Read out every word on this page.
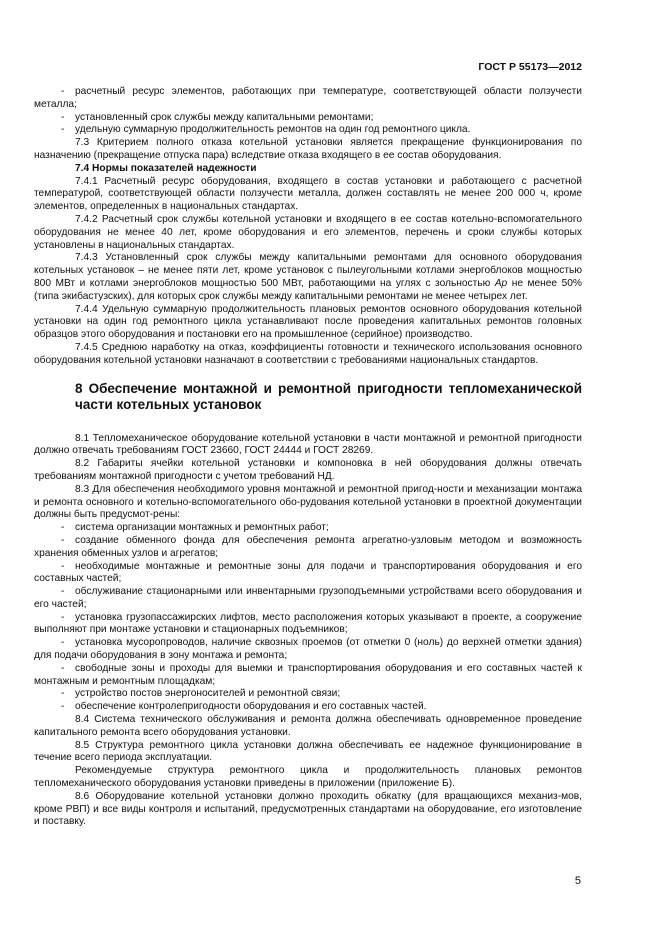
ГОСТ Р 55173—2012

- расчетный ресурс элементов, работающих при температуре, соответствующей области ползучести металла;

- установленный срок службы между капитальными ремонтами;

- удельную суммарную продолжительность ремонтов на один год ремонтного цикла.

7.3 Критерием полного отказа котельной установки является прекращение функционирования по назначению (прекращение отпуска пара) вследствие отказа входящего в ее состав оборудования.

7.4 Нормы показателей надежности

7.4.1 Расчетный ресурс оборудования, входящего в состав установки и работающего с расчетной температурой, соответствующей области ползучести металла, должен составлять не менее 200 000 ч, кроме элементов, определенных в национальных стандартах.

7.4.2 Расчетный срок службы котельной установки и входящего в ее состав котельно-вспомогательного оборудования не менее 40 лет, кроме оборудования и его элементов, перечень и сроки службы которых установлены в национальных стандартах.

7.4.3 Установленный срок службы между капитальными ремонтами для основного оборудования котельных установок – не менее пяти лет, кроме установок с пылеугольными котлами энергоблоков мощностью 800 МВт и котлами энергоблоков мощностью 500 МВт, работающими на углях с зольностью Ар не менее 50% (типа экибастузских), для которых срок службы между капитальными ремонтами не менее четырех лет.

7.4.4 Удельную суммарную продолжительность плановых ремонтов основного оборудования котельной установки на один год ремонтного цикла устанавливают после проведения капитальных ремонтов головных образцов этого оборудования и постановки его на промышленное (серийное) производство.

7.4.5 Среднюю наработку на отказ, коэффициенты готовности и технического использования основного оборудования котельной установки назначают в соответствии с требованиями национальных стандартов.

8 Обеспечение монтажной и ремонтной пригодности тепломеханической части котельных установок

8.1 Тепломеханическое оборудование котельной установки в части монтажной и ремонтной пригодности должно отвечать требованиям ГОСТ 23660, ГОСТ 24444 и ГОСТ 28269.

8.2 Габариты ячейки котельной установки и компоновка в ней оборудования должны отвечать требованиям монтажной пригодности с учетом требований НД.

8.3 Для обеспечения необходимого уровня монтажной и ремонтной пригод-ности и механизации монтажа и ремонта основного и котельно-вспомогательного обо-рудования котельной установки в проектной документации должны быть предусмот-рены:

- система организации монтажных и ремонтных работ;

- создание обменного фонда для обеспечения ремонта агрегатно-узловым методом и возможность хранения обменных узлов и агрегатов;

- необходимые монтажные и ремонтные зоны для подачи и транспортирования оборудования и его составных частей;

- обслуживание стационарными или инвентарными грузоподъемными устройствами всего оборудования и его частей;

- установка грузопассажирских лифтов, место расположения которых указывают в проекте, а сооружение выполняют при монтаже установки и стационарных подъемников;

- установка мусоропроводов, наличие сквозных проемов (от отметки 0 (ноль) до верхней отметки здания) для подачи оборудования в зону монтажа и ремонта;

- свободные зоны и проходы для выемки и транспортирования оборудования и его составных частей к монтажным и ремонтным площадкам;

- устройство постов энергоносителей и ремонтной связи;

- обеспечение контролепригодности оборудования и его составных частей.

8.4 Система технического обслуживания и ремонта должна обеспечивать одновременное проведение капитального ремонта всего оборудования установки.

8.5 Структура ремонтного цикла установки должна обеспечивать ее надежное функционирование в течение всего периода эксплуатации.

Рекомендуемые структура ремонтного цикла и продолжительность плановых ремонтов тепломеханического оборудования установки приведены в приложении (приложение Б).

8.6 Оборудование котельной установки должно проходить обкатку (для вращающихся механиз-мов, кроме РВП) и все виды контроля и испытаний, предусмотренных стандартами на оборудование, его изготовление и поставку.

5
